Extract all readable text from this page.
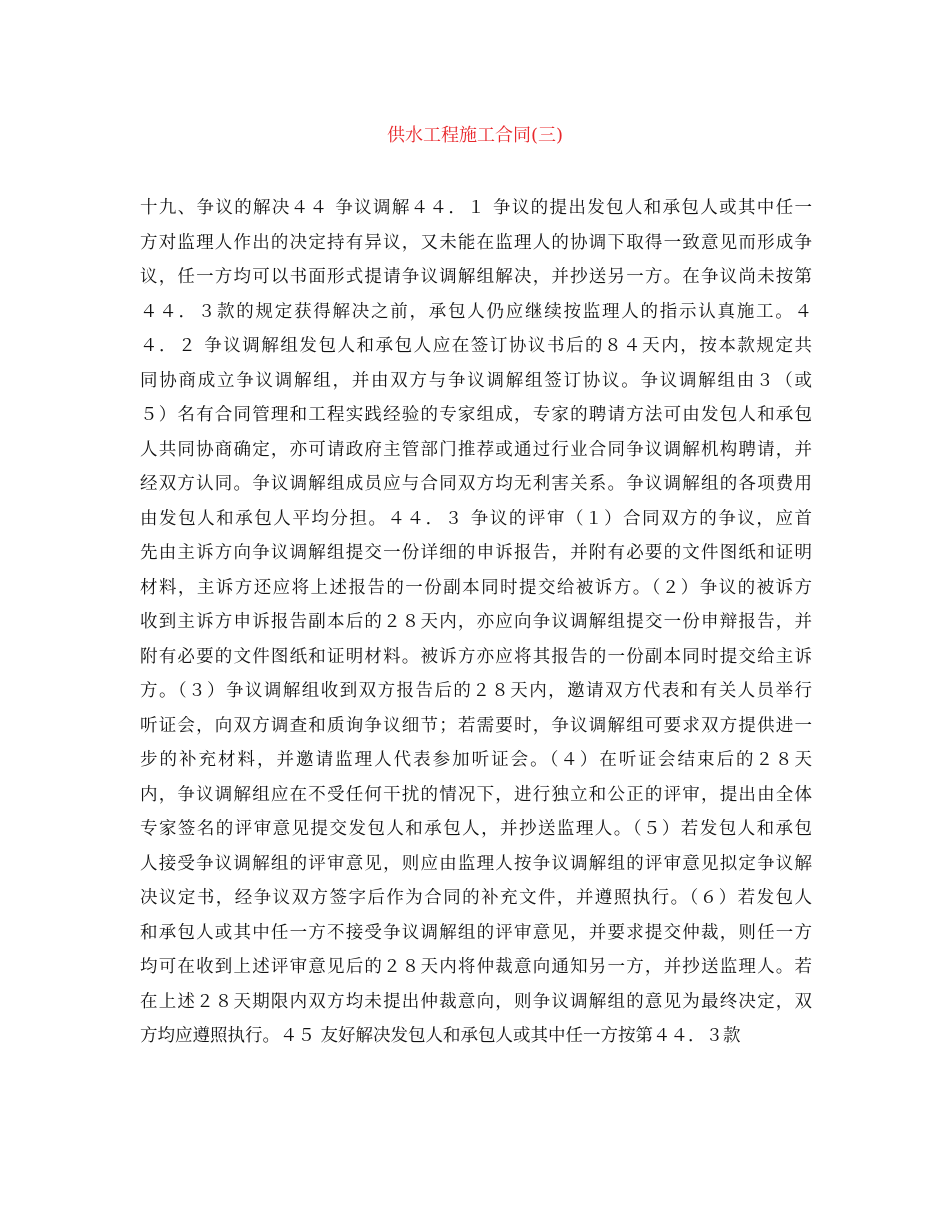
供水工程施工合同(三)
十九、争议的解决４４ 争议调解４４．１ 争议的提出发包人和承包人或其中任一
方对监理人作出的决定持有异议，又未能在监理人的协调下取得一致意见而形成争
议，任一方均可以书面形式提请争议调解组解决，并抄送另一方。在争议尚未按第
４４．３款的规定获得解决之前，承包人仍应继续按监理人的指示认真施工。４
４．２ 争议调解组发包人和承包人应在签订协议书后的８４天内，按本款规定共
同协商成立争议调解组，并由双方与争议调解组签订协议。争议调解组由３（或
５）名有合同管理和工程实践经验的专家组成，专家的聘请方法可由发包人和承包
人共同协商确定，亦可请政府主管部门推荐或通过行业合同争议调解机构聘请，并
经双方认同。争议调解组成员应与合同双方均无利害关系。争议调解组的各项费用
由发包人和承包人平均分担。４４．３ 争议的评审（１）合同双方的争议，应首
先由主诉方向争议调解组提交一份详细的申诉报告，并附有必要的文件图纸和证明
材料，主诉方还应将上述报告的一份副本同时提交给被诉方。（２）争议的被诉方
收到主诉方申诉报告副本后的２８天内，亦应向争议调解组提交一份申辩报告，并
附有必要的文件图纸和证明材料。被诉方亦应将其报告的一份副本同时提交给主诉
方。（３）争议调解组收到双方报告后的２８天内，邀请双方代表和有关人员举行
听证会，向双方调查和质询争议细节；若需要时，争议调解组可要求双方提供进一
步的补充材料，并邀请监理人代表参加听证会。（４）在听证会结束后的２８天
内，争议调解组应在不受任何干扰的情况下，进行独立和公正的评审，提出由全体
专家签名的评审意见提交发包人和承包人，并抄送监理人。（５）若发包人和承包
人接受争议调解组的评审意见，则应由监理人按争议调解组的评审意见拟定争议解
决议定书，经争议双方签字后作为合同的补充文件，并遵照执行。（６）若发包人
和承包人或其中任一方不接受争议调解组的评审意见，并要求提交仲裁，则任一方
均可在收到上述评审意见后的２８天内将仲裁意向通知另一方，并抄送监理人。若
在上述２８天期限内双方均未提出仲裁意向，则争议调解组的意见为最终决定，双
方均应遵照执行。４５ 友好解决发包人和承包人或其中任一方按第４４．３款
